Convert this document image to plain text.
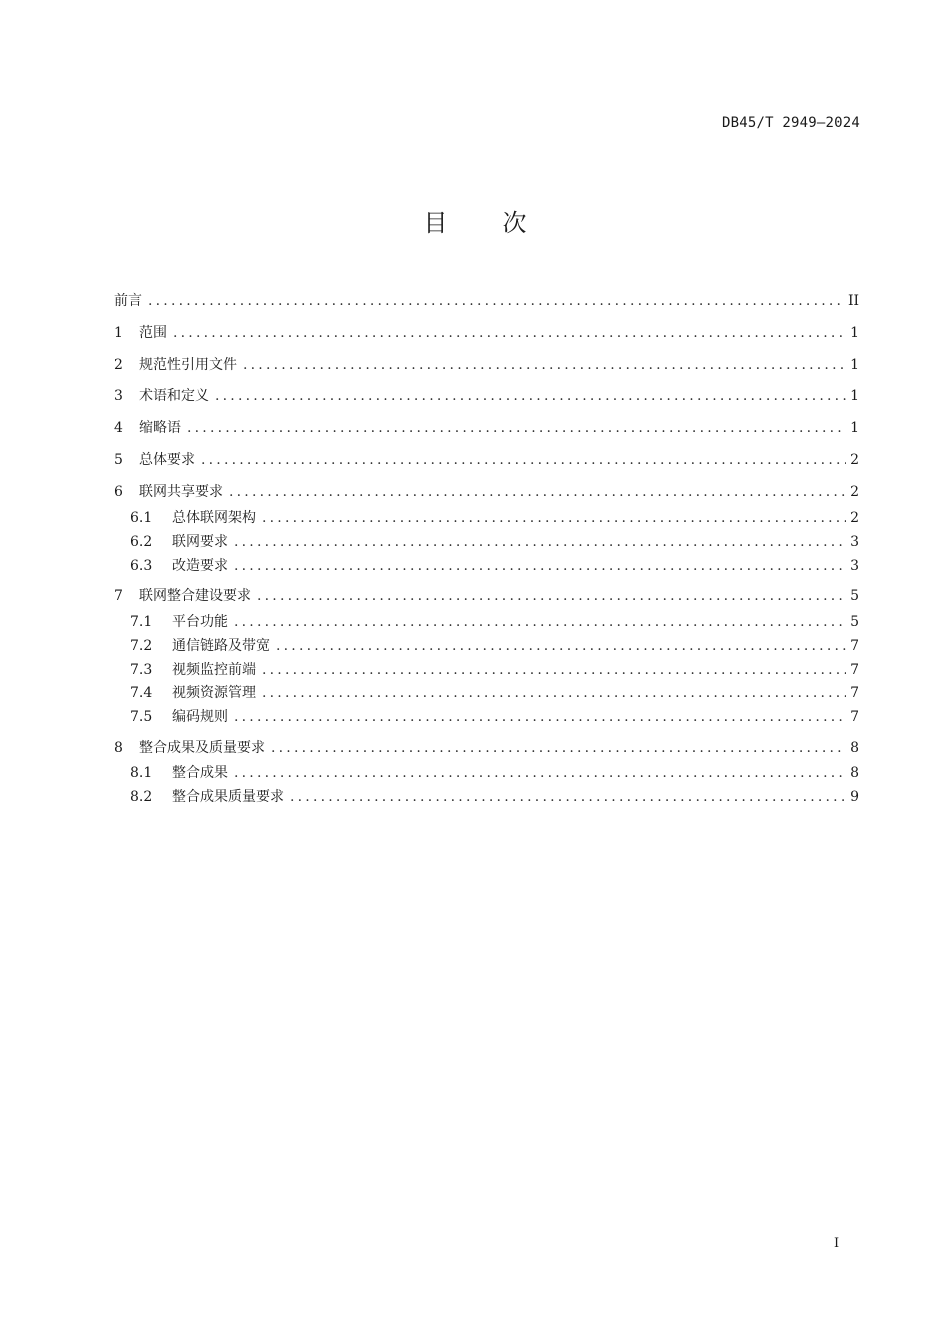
DB45/T 2949—2024
目 次
前言 .....	II
1	范围 .....	1
2	规范性引用文件 .....	1
3	术语和定义 .....	1
4	缩略语 .....	1
5	总体要求 .....	2
6	联网共享要求 .....	2
6.1	总体联网架构 .....	2
6.2	联网要求 .....	3
6.3	改造要求 .....	3
7	联网整合建设要求 .....	5
7.1	平台功能 .....	5
7.2	通信链路及带宽 .....	7
7.3	视频监控前端 .....	7
7.4	视频资源管理 .....	7
7.5	编码规则 .....	7
8	整合成果及质量要求 .....	8
8.1	整合成果 .....	8
8.2	整合成果质量要求 .....	9
I
